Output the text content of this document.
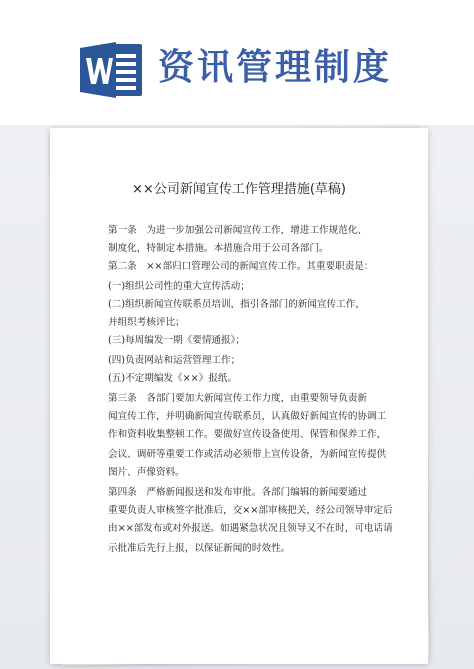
资讯管理制度
××公司新闻宣传工作管理措施(草稿)
第一条　为进一步加强公司新闻宣传工作，增进工作规范化、
制度化，特制定本措施。本措施合用于公司各部门。
第二条　××部归口管理公司的新闻宣传工作。其重要职责是：
(一)组织公司性的重大宣传活动；
(二)组织新闻宣传联系员培训，指引各部门的新闻宣传工作，
并组织考核评比；
(三)每周编发一期《要情通报》；
(四)负责网站和运营管理工作；
(五)不定期编发《××》报纸。
第三条　各部门要加大新闻宣传工作力度，由重要领导负责新
闻宣传工作，并明确新闻宣传联系员，认真做好新闻宣传的协调工
作和资料收集整顿工作。要做好宣传设备使用、保管和保养工作，
会议、调研等重要工作或活动必须带上宣传设备，为新闻宣传提供
图片、声像资料。
第四条　严格新闻报送和发布审批。各部门编辑的新闻要通过
重要负责人审核签字批准后，交××部审核把关，经公司领导审定后
由××部发布或对外报送。如遇紧急状况且领导又不在时，可电话请
示批准后先行上报，以保证新闻的时效性。
